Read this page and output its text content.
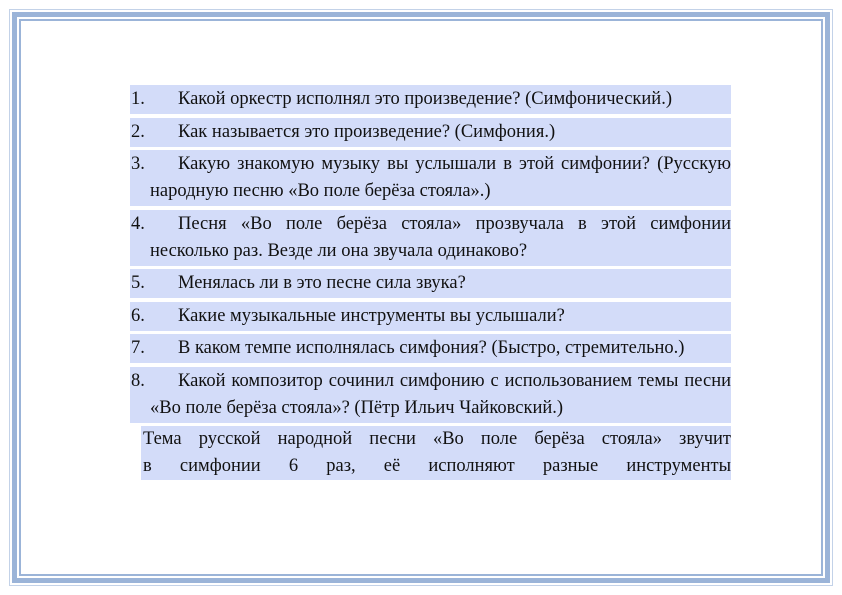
1. Какой оркестр исполнял это произведение? (Симфонический.)
2. Как называется это произведение? (Симфония.)
3. Какую знакомую музыку вы услышали в этой симфонии? (Русскую народную песню «Во поле берёза стояла».)
4. Песня «Во поле берёза стояла» прозвучала в этой симфонии несколько раз. Везде ли она звучала одинаково?
5. Менялась ли в это песне сила звука?
6. Какие музыкальные инструменты вы услышали?
7. В каком темпе исполнялась симфония? (Быстро, стремительно.)
8. Какой композитор сочинил симфонию с использованием темы песни «Во поле берёза стояла»? (Пётр Ильич Чайковский.)
Тема русской народной песни «Во поле берёза стояла» звучит
в симфонии 6 раз, её исполняют разные инструменты
